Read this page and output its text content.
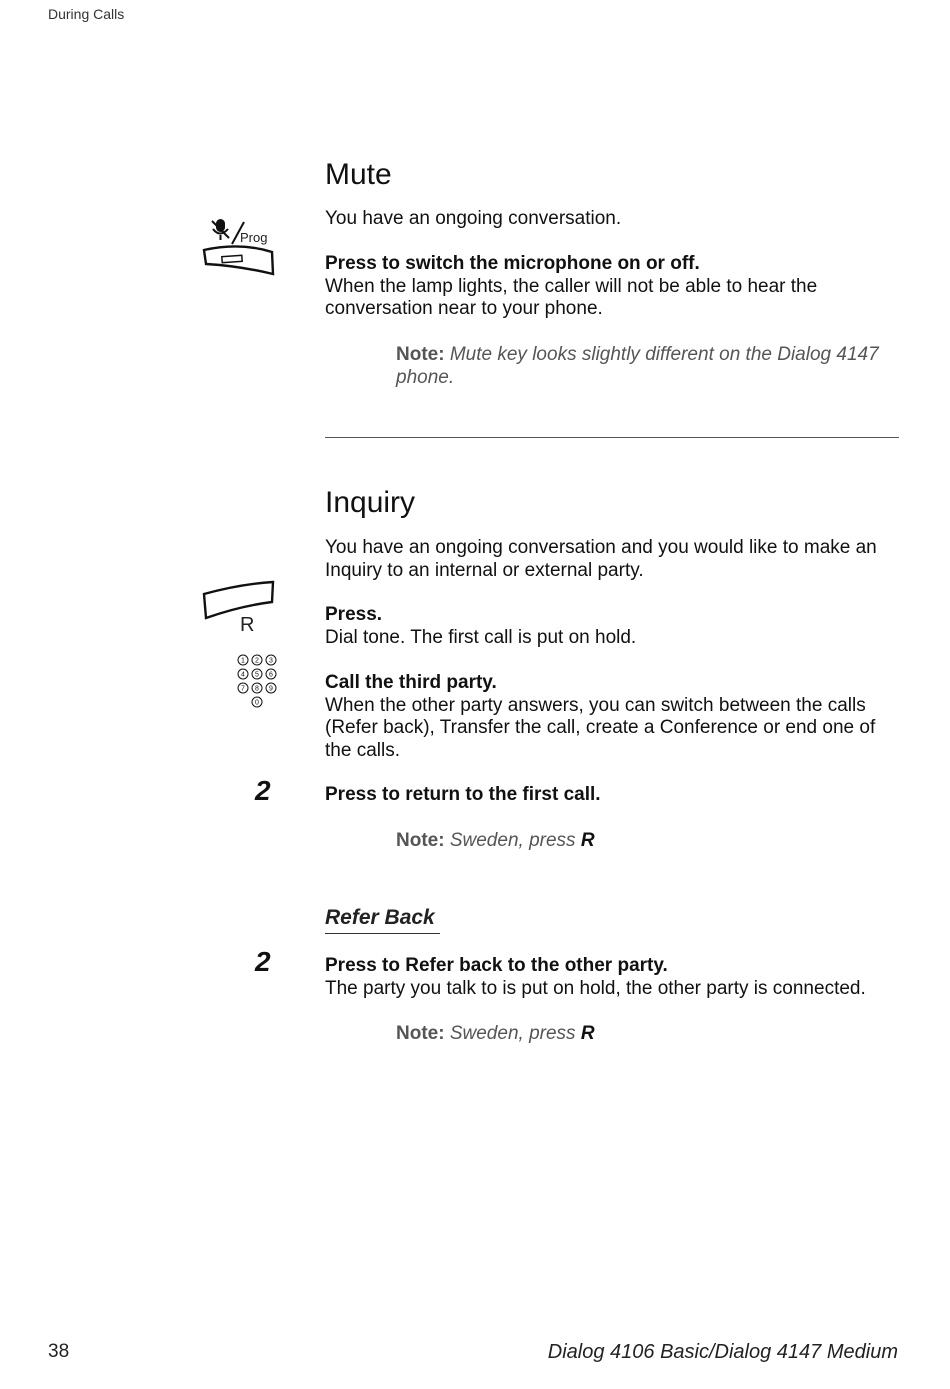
During Calls
Mute
Prog
You have an ongoing conversation.
Press to switch the microphone on or off.
When the lamp lights, the caller will not be able to hear the
conversation near to your phone.
Note: Mute key looks slightly different on the Dialog 4147
phone.
Inquiry
You have an ongoing conversation and you would like to make an
Inquiry to an internal or external party.
R	Press.
Dial tone. The first call is put on hold.
1 2 3
4 5 6
7 8 9
0
Call the third party.
When the other party answers, you can switch between the calls
(Refer back), Transfer the call, create a Conference or end one of
the calls.
2	Press to return to the first call.
Note: Sweden, press R
Refer Back
2	Press to Refer back to the other party.
The party you talk to is put on hold, the other party is connected.
Note: Sweden, press R
38	Dialog 4106 Basic/Dialog 4147 Medium
